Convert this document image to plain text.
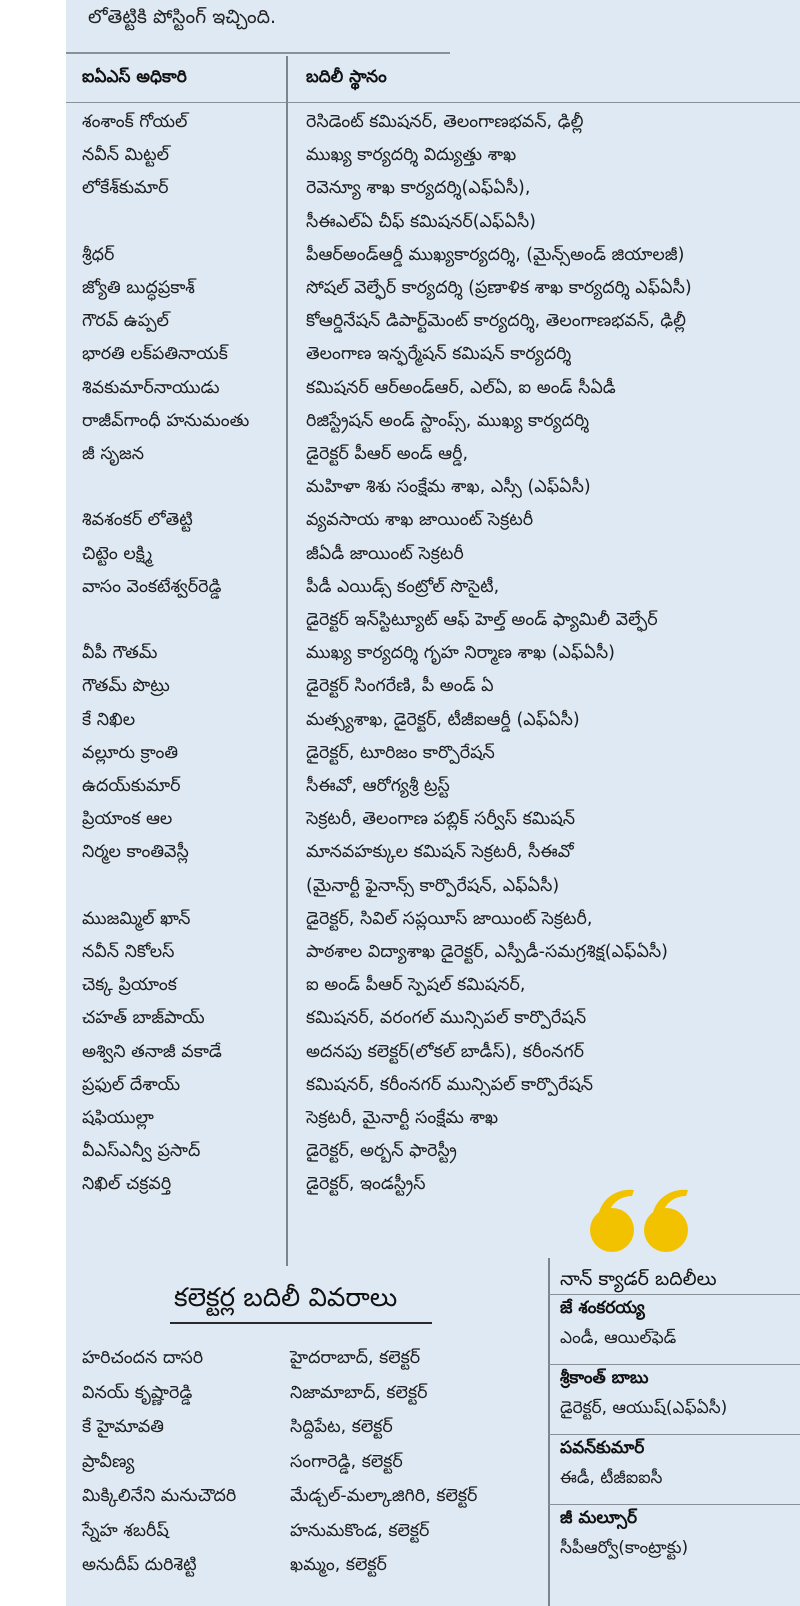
లోతెట్టికి పోస్టింగ్ ఇచ్చింది.
ఐఏఎస్ అధికారి	బదిలీ స్థానం
శంశాంక్ గోయల్	రెసిడెంట్ కమిషనర్, తెలంగాణభవన్, ఢిల్లీ
నవీన్ మిట్టల్	ముఖ్య కార్యదర్శి విద్యుత్తు శాఖ
లోకేశ్‌కుమార్	రెవెన్యూ శాఖ కార్యదర్శి(ఎఫ్ఏసీ),
సీఈఎల్ఏ చీఫ్ కమిషనర్(ఎఫ్ఏసీ)
శ్రీధర్	పీఆర్అండ్ఆర్డీ ముఖ్యకార్యదర్శి, (మైన్స్అండ్ జియాలజీ)
జ్యోతి బుద్ధప్రకాశ్	సోషల్ వెల్ఫేర్ కార్యదర్శి (ప్రణాళిక శాఖ కార్యదర్శి ఎఫ్ఏసీ)
గౌరవ్ ఉప్పల్	కోఆర్డినేషన్ డిపార్ట్‌మెంట్ కార్యదర్శి, తెలంగాణభవన్, ఢిల్లీ
భారతి లక్‌పతినాయక్	తెలంగాణ ఇన్ఫర్మేషన్ కమిషన్ కార్యదర్శి
శివకుమార్‌నాయుడు	కమిషనర్ ఆర్అండ్ఆర్, ఎల్ఏ, ఐ అండ్ సీఏడీ
రాజీవ్‌గాంధీ హనుమంతు	రిజిస్ట్రేషన్ అండ్ స్టాంప్స్, ముఖ్య కార్యదర్శి
జీ సృజన	డైరెక్టర్ పీఆర్ అండ్ ఆర్డీ,
మహిళా శిశు సంక్షేమ శాఖ, ఎస్సీ (ఎఫ్ఏసీ)
శివశంకర్ లోతెట్టి	వ్యవసాయ శాఖ జాయింట్ సెక్రటరీ
చిట్టెం లక్ష్మి	జీఏడీ జాయింట్ సెక్రటరీ
వాసం వెంకటేశ్వర్‌రెడ్డి	పీడీ ఎయిడ్స్ కంట్రోల్ సొసైటీ,
డైరెక్టర్ ఇన్‌స్టిట్యూట్ ఆఫ్ హెల్త్ అండ్ ఫ్యామిలీ వెల్ఫేర్
వీపీ గౌతమ్	ముఖ్య కార్యదర్శి గృహ నిర్మాణ శాఖ (ఎఫ్ఏసీ)
గౌతమ్ పొట్రు	డైరెక్టర్ సింగరేణి, పీ అండ్ ఏ
కే నిఖిల	మత్స్యశాఖ, డైరెక్టర్, టీజీఐఆర్డీ (ఎఫ్ఏసీ)
వల్లూరు క్రాంతి	డైరెక్టర్, టూరిజం కార్పొరేషన్
ఉదయ్‌కుమార్	సీఈవో, ఆరోగ్యశ్రీ ట్రస్ట్
ప్రియాంక ఆల	సెక్రటరీ, తెలంగాణ పబ్లిక్ సర్వీస్ కమిషన్
నిర్మల కాంతివెస్లీ	మానవహక్కుల కమిషన్ సెక్రటరీ, సీఈవో
(మైనార్టీ ఫైనాన్స్ కార్పొరేషన్, ఎఫ్ఏసీ)
ముజమ్మిల్ ఖాన్	డైరెక్టర్, సివిల్ సప్లయీస్ జాయింట్ సెక్రటరీ,
నవీన్ నికోలస్	పాఠశాల విద్యాశాఖ డైరెక్టర్, ఎస్పీడీ-సమగ్రశిక్ష(ఎఫ్ఏసీ)
చెక్క ప్రియాంక	ఐ అండ్ పీఆర్ స్పెషల్ కమిషనర్,
చహత్ బాజ్‌పాయ్	కమిషనర్, వరంగల్ మున్సిపల్ కార్పొరేషన్
అశ్విని తనాజీ వకాడే	అదనపు కలెక్టర్(లోకల్ బాడీస్), కరీంనగర్
ప్రఫుల్ దేశాయ్	కమిషనర్, కరీంనగర్ మున్సిపల్ కార్పొరేషన్
షఫియుల్లా	సెక్రటరీ, మైనార్టీ సంక్షేమ శాఖ
వీఎస్ఎన్వీ ప్రసాద్	డైరెక్టర్, అర్బన్ ఫారెస్ట్రీ
నిఖిల్ చక్రవర్తి	డైరెక్టర్, ఇండస్ట్రీస్
కలెక్టర్ల బదిలీ వివరాలు
హరిచందన దాసరి	హైదరాబాద్, కలెక్టర్
వినయ్ కృష్ణారెడ్డి	నిజామాబాద్, కలెక్టర్
కే హైమావతి	సిద్దిపేట, కలెక్టర్
ప్రావీణ్య	సంగారెడ్డి, కలెక్టర్
మిక్కిలినేని మనుచౌదరి	మేడ్చల్-మల్కాజిగిరి, కలెక్టర్
స్నేహ శబరీష్	హనుమకొండ, కలెక్టర్
అనుదీప్ దురిశెట్టి	ఖమ్మం, కలెక్టర్
నాన్ క్యాడర్ బదిలీలు
జే శంకరయ్య
ఎండీ, ఆయిల్‌ఫెడ్
శ్రీకాంత్ బాబు
డైరెక్టర్, ఆయుష్(ఎఫ్ఏసీ)
పవన్‌కుమార్
ఈడీ, టీజీఐఐసీ
జీ మల్సూర్
సీపీఆర్వో(కాంట్రాక్టు)
